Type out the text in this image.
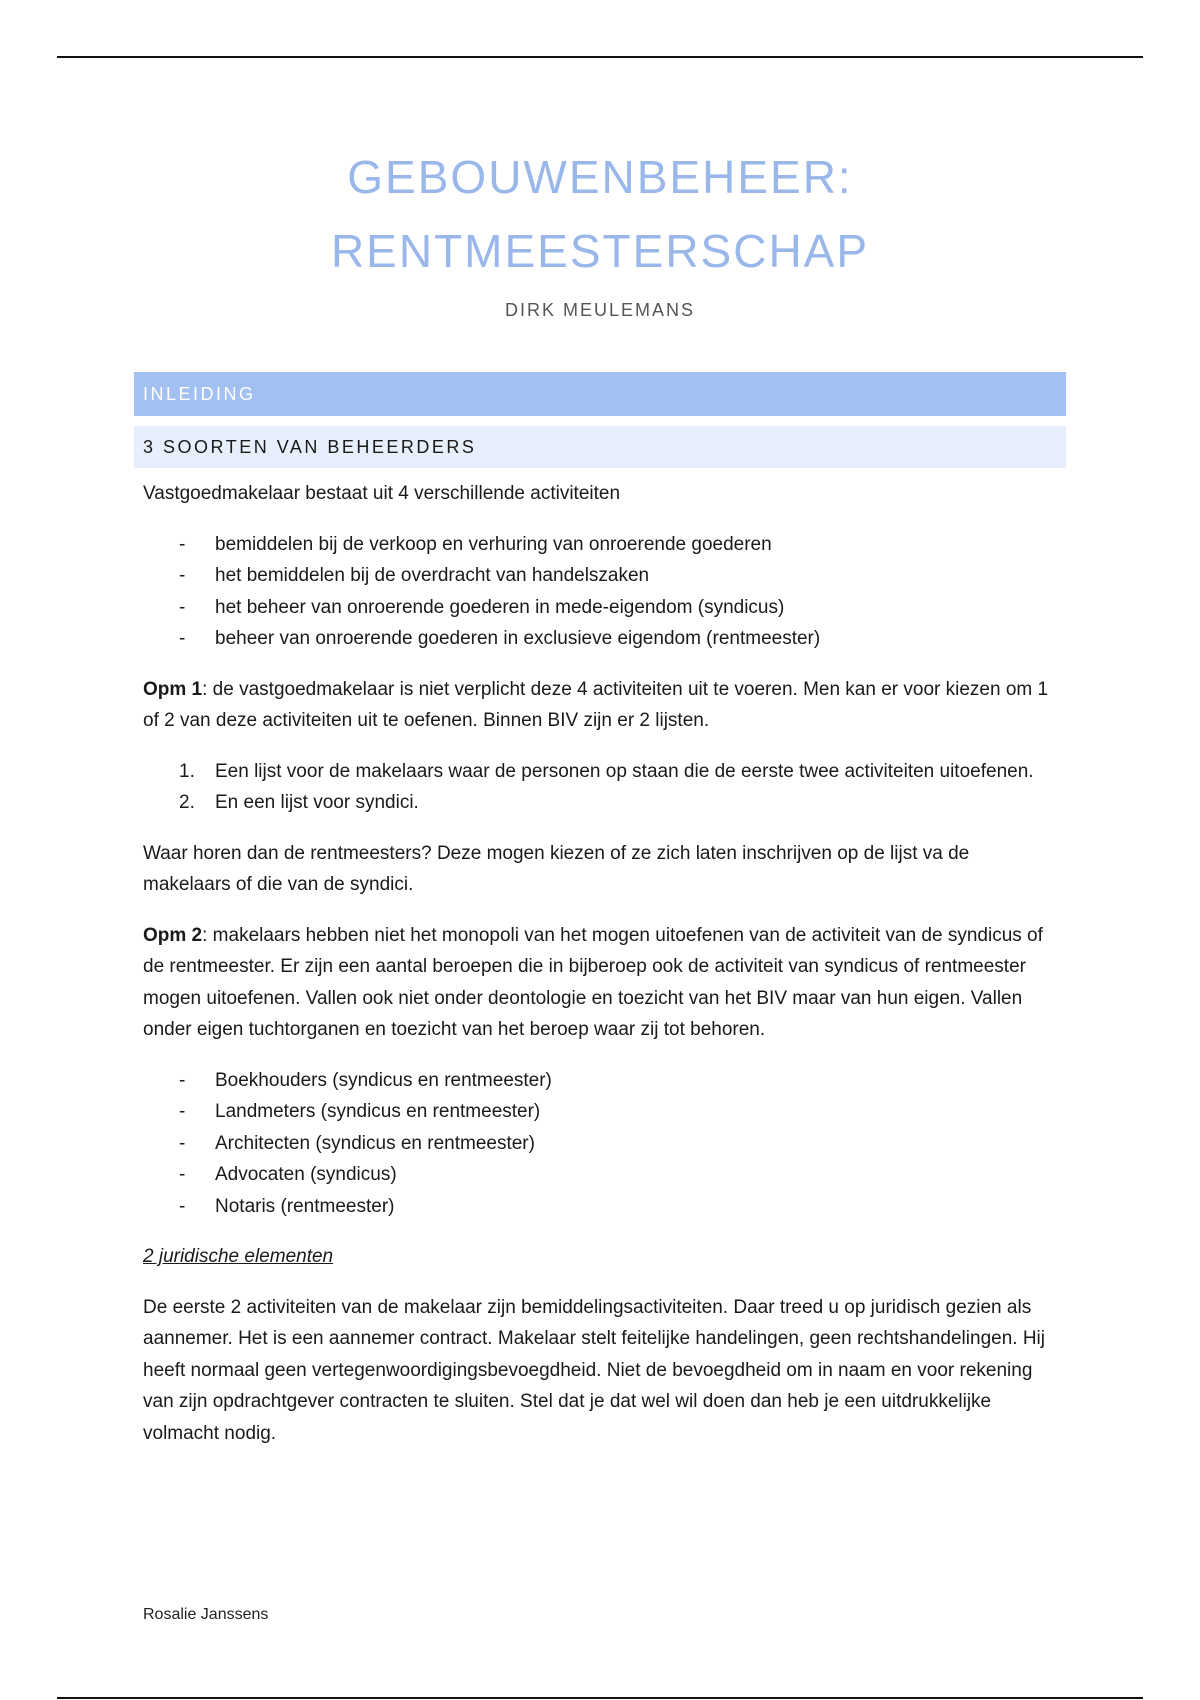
GEBOUWENBEHEER:
RENTMEESTERSCHAP
DIRK MEULEMANS
INLEIDING
3 SOORTEN VAN BEHEERDERS

Vastgoedmakelaar bestaat uit 4 verschillende activiteiten

- bemiddelen bij de verkoop en verhuring van onroerende goederen
- het bemiddelen bij de overdracht van handelszaken
- het beheer van onroerende goederen in mede-eigendom (syndicus)
- beheer van onroerende goederen in exclusieve eigendom (rentmeester)

Opm 1: de vastgoedmakelaar is niet verplicht deze 4 activiteiten uit te voeren. Men kan er voor kiezen om 1 of 2 van deze activiteiten uit te oefenen. Binnen BIV zijn er 2 lijsten.

1. Een lijst voor de makelaars waar de personen op staan die de eerste twee activiteiten uitoefenen.
2. En een lijst voor syndici.

Waar horen dan de rentmeesters? Deze mogen kiezen of ze zich laten inschrijven op de lijst va de makelaars of die van de syndici.

Opm 2: makelaars hebben niet het monopoli van het mogen uitoefenen van de activiteit van de syndicus of de rentmeester. Er zijn een aantal beroepen die in bijberoep ook de activiteit van syndicus of rentmeester mogen uitoefenen. Vallen ook niet onder deontologie en toezicht van het BIV maar van hun eigen. Vallen onder eigen tuchtorganen en toezicht van het beroep waar zij tot behoren.

- Boekhouders (syndicus en rentmeester)
- Landmeters (syndicus en rentmeester)
- Architecten (syndicus en rentmeester)
- Advocaten (syndicus)
- Notaris (rentmeester)

2 juridische elementen

De eerste 2 activiteiten van de makelaar zijn bemiddelingsactiviteiten. Daar treed u op juridisch gezien als aannemer. Het is een aannemer contract. Makelaar stelt feitelijke handelingen, geen rechtshandelingen. Hij heeft normaal geen vertegenwoordigingsbevoegdheid. Niet de bevoegdheid om in naam en voor rekening van zijn opdrachtgever contracten te sluiten. Stel dat je dat wel wil doen dan heb je een uitdrukkelijke volmacht nodig.

Rosalie Janssens
